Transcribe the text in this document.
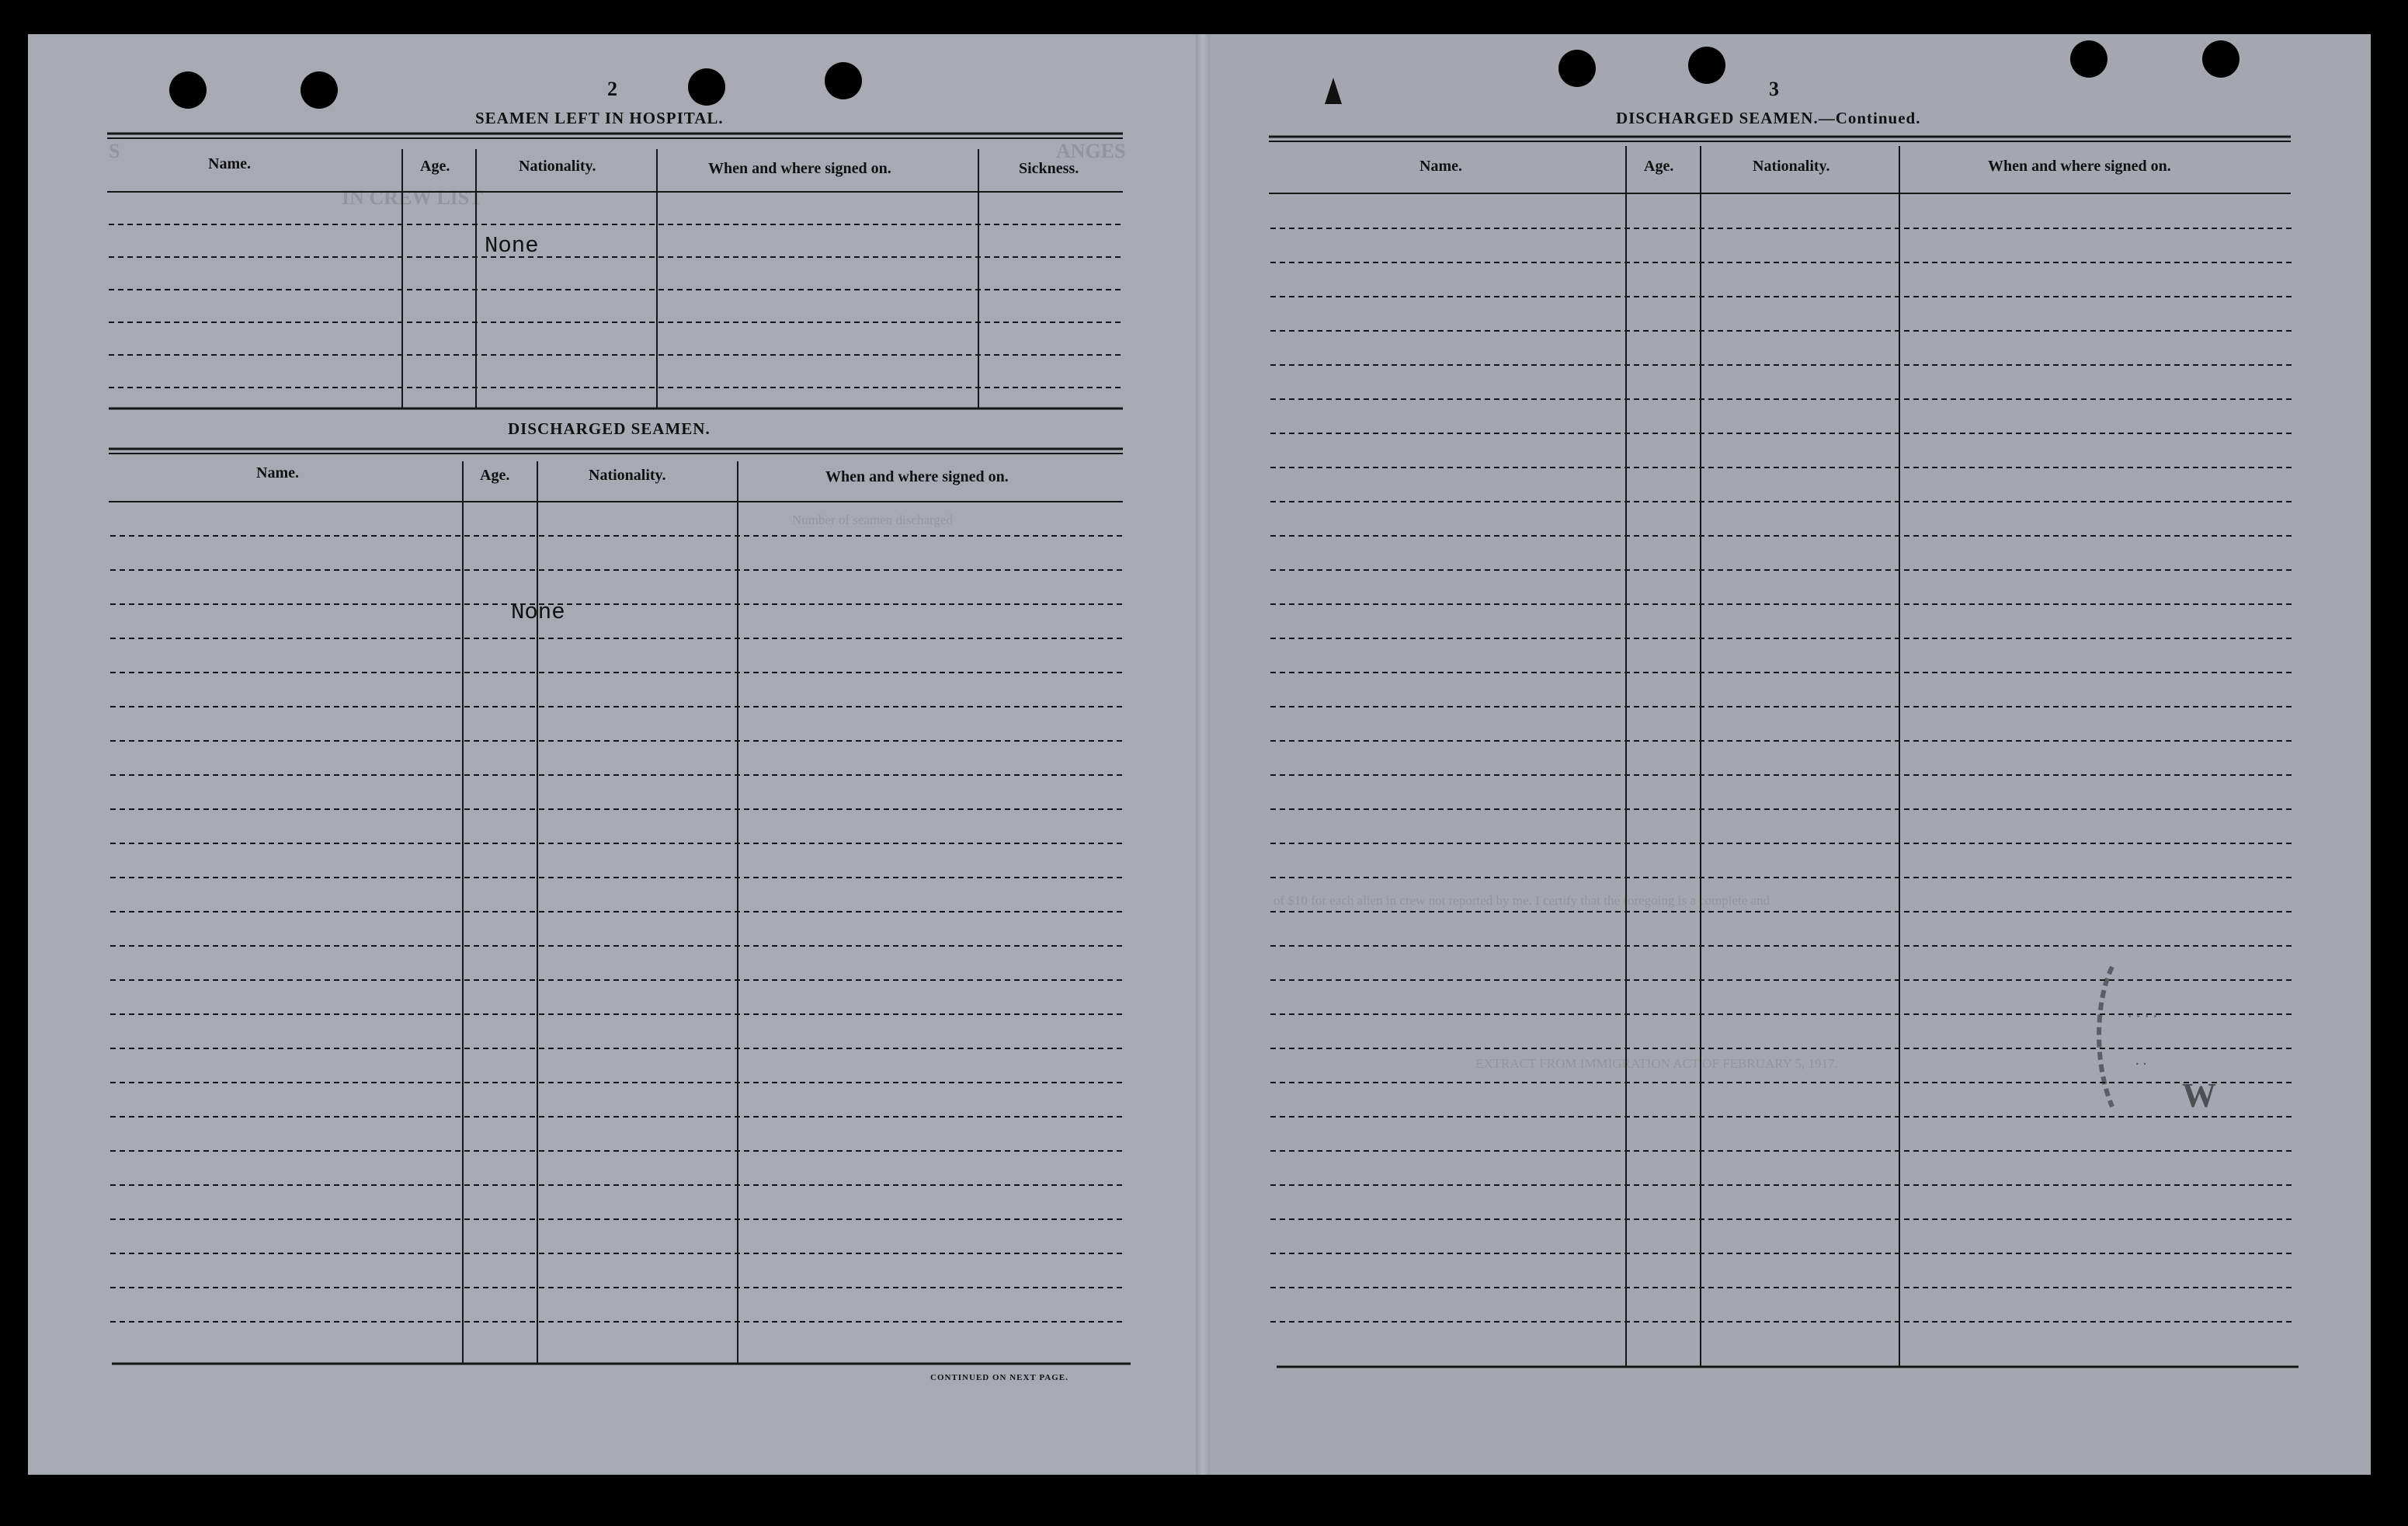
S	ANGES
IN CREW LIST
Number of seamen discharged
of $10 for each alien in crew not reported by me. I certify that the foregoing is a complete and
EXTRACT FROM IMMIGRATION ACT OF FEBRUARY 5, 1917.
2
SEAMEN LEFT IN HOSPITAL.
DISCHARGED SEAMEN.
Name.	Age.	Nationality.	When and where signed on.	Sickness.
None
Name.	Age.	Nationality.	When and where signed on.
None
CONTINUED ON NEXT PAGE.
3
DISCHARGED SEAMEN.—Continued.
Name.	Age.	Nationality.	When and where signed on.
· · · ·
· ·
W
